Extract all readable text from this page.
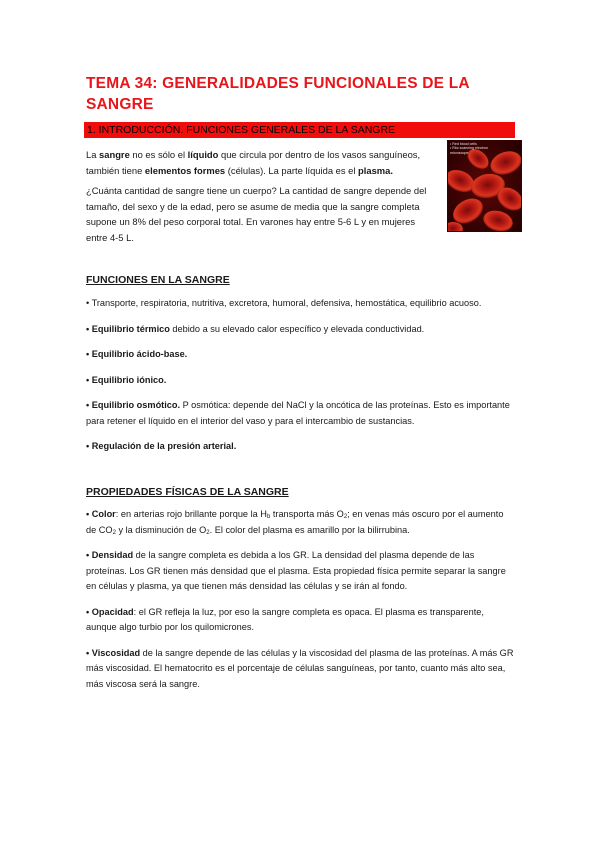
TEMA 34: GENERALIDADES FUNCIONALES DE LA
SANGRE
1. INTRODUCCIÓN. FUNCIONES GENERALES DE LA SANGRE
• Red blood cells
• Rbc scanning electron
microscope
La sangre no es sólo el líquido que circula por dentro de los vasos sanguíneos, también tiene elementos formes (células). La parte líquida es el plasma.
¿Cuánta cantidad de sangre tiene un cuerpo? La cantidad de sangre depende del tamaño, del sexo y de la edad, pero se asume de media que la sangre completa supone un 8% del peso corporal total. En varones hay entre 5-6 L y en mujeres entre 4-5 L.
FUNCIONES EN LA SANGRE
• Transporte, respiratoria, nutritiva, excretora, humoral, defensiva, hemostática, equilibrio acuoso.
• Equilibrio térmico debido a su elevado calor específico y elevada conductividad.
• Equilibrio ácido-base.
• Equilibrio iónico.
• Equilibrio osmótico. P osmótica: depende del NaCl y la oncótica de las proteínas. Esto es importante para retener el líquido en el interior del vaso y para el intercambio de sustancias.
• Regulación de la presión arterial.
PROPIEDADES FÍSICAS DE LA SANGRE
• Color: en arterias rojo brillante porque la $H_b$ transporta más $O_2$; en venas más oscuro por el aumento de $CO_2$ y la disminución de $O_2$. El color del plasma es amarillo por la bilirrubina.
• Densidad de la sangre completa es debida a los GR. La densidad del plasma depende de las proteínas. Los GR tienen más densidad que el plasma. Esta propiedad física permite separar la sangre en células y plasma, ya que tienen más densidad las células y se irán al fondo.
• Opacidad: el GR refleja la luz, por eso la sangre completa es opaca. El plasma es transparente, aunque algo turbio por los quilomicrones.
• Viscosidad de la sangre depende de las células y la viscosidad del plasma de las proteínas. A más GR más viscosidad. El hematocrito es el porcentaje de células sanguíneas, por tanto, cuanto más alto sea, más viscosa será la sangre.
